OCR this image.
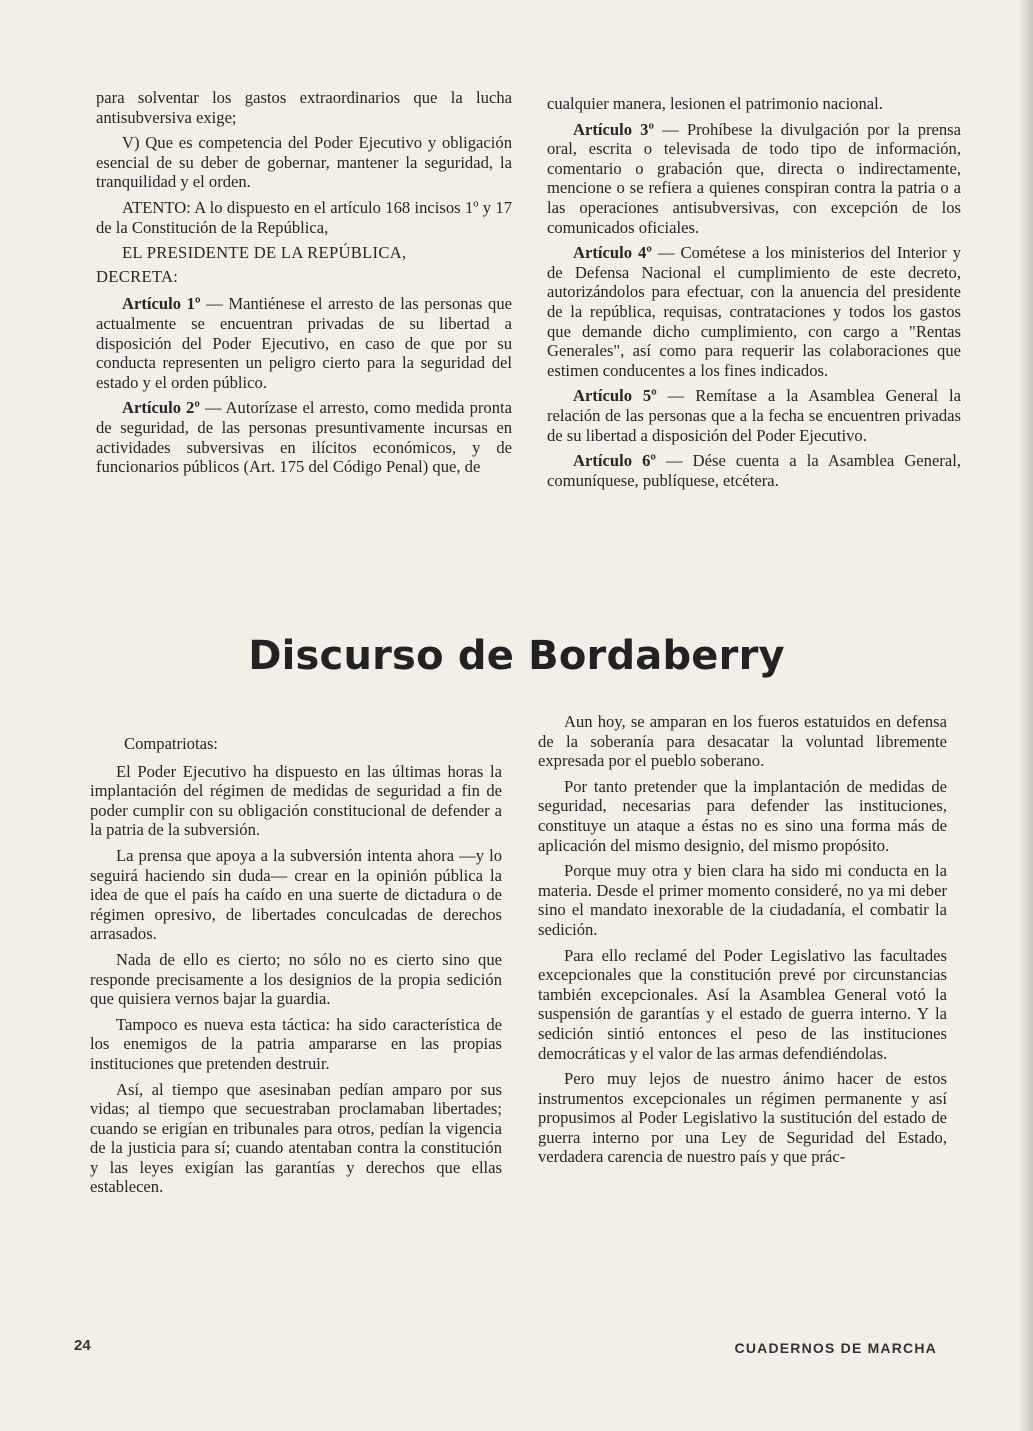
para solventar los gastos extraordinarios que la lucha antisubversiva exige;

V) Que es competencia del Poder Ejecutivo y obligación esencial de su deber de gobernar, mantener la seguridad, la tranquilidad y el orden.

ATENTO: A lo dispuesto en el artículo 168 incisos 1º y 17 de la Constitución de la República,

EL PRESIDENTE DE LA REPÚBLICA,

DECRETA:

Artículo 1º — Mantiénese el arresto de las personas que actualmente se encuentran privadas de su libertad a disposición del Poder Ejecutivo, en caso de que por su conducta representen un peligro cierto para la seguridad del estado y el orden público.

Artículo 2º — Autorízase el arresto, como medida pronta de seguridad, de las personas presuntivamente incursas en actividades subversivas en ilícitos económicos, y de funcionarios públicos (Art. 175 del Código Penal) que, de

cualquier manera, lesionen el patrimonio nacional.

Artículo 3º — Prohíbese la divulgación por la prensa oral, escrita o televisada de todo tipo de información, comentario o grabación que, directa o indirectamente, mencione o se refiera a quienes conspiran contra la patria o a las operaciones antisubversivas, con excepción de los comunicados oficiales.

Artículo 4º — Cométese a los ministerios del Interior y de Defensa Nacional el cumplimiento de este decreto, autorizándolos para efectuar, con la anuencia del presidente de la república, requisas, contrataciones y todos los gastos que demande dicho cumplimiento, con cargo a "Rentas Generales", así como para requerir las colaboraciones que estimen conducentes a los fines indicados.

Artículo 5º — Remítase a la Asamblea General la relación de las personas que a la fecha se encuentren privadas de su libertad a disposición del Poder Ejecutivo.

Artículo 6º — Dése cuenta a la Asamblea General, comuníquese, publíquese, etcétera.

Discurso de Bordaberry

Compatriotas:

El Poder Ejecutivo ha dispuesto en las últimas horas la implantación del régimen de medidas de seguridad a fin de poder cumplir con su obligación constitucional de defender a la patria de la subversión.

La prensa que apoya a la subversión intenta ahora —y lo seguirá haciendo sin duda— crear en la opinión pública la idea de que el país ha caído en una suerte de dictadura o de régimen opresivo, de libertades conculcadas de derechos arrasados.

Nada de ello es cierto; no sólo no es cierto sino que responde precisamente a los designios de la propia sedición que quisiera vernos bajar la guardia.

Tampoco es nueva esta táctica: ha sido característica de los enemigos de la patria ampararse en las propias instituciones que pretenden destruir.

Así, al tiempo que asesinaban pedían amparo por sus vidas; al tiempo que secuestraban proclamaban libertades; cuando se erigían en tribunales para otros, pedían la vigencia de la justicia para sí; cuando atentaban contra la constitución y las leyes exigían las garantías y derechos que ellas establecen.

Aun hoy, se amparan en los fueros estatuidos en defensa de la soberanía para desacatar la voluntad libremente expresada por el pueblo soberano.

Por tanto pretender que la implantación de medidas de seguridad, necesarias para defender las instituciones, constituye un ataque a éstas no es sino una forma más de aplicación del mismo designio, del mismo propósito.

Porque muy otra y bien clara ha sido mi conducta en la materia. Desde el primer momento consideré, no ya mi deber sino el mandato inexorable de la ciudadanía, el combatir la sedición.

Para ello reclamé del Poder Legislativo las facultades excepcionales que la constitución prevé por circunstancias también excepcionales. Así la Asamblea General votó la suspensión de garantías y el estado de guerra interno. Y la sedición sintió entonces el peso de las instituciones democráticas y el valor de las armas defendiéndolas.

Pero muy lejos de nuestro ánimo hacer de estos instrumentos excepcionales un régimen permanente y así propusimos al Poder Legislativo la sustitución del estado de guerra interno por una Ley de Seguridad del Estado, verdadera carencia de nuestro país y que prác-

24	CUADERNOS DE MARCHA
